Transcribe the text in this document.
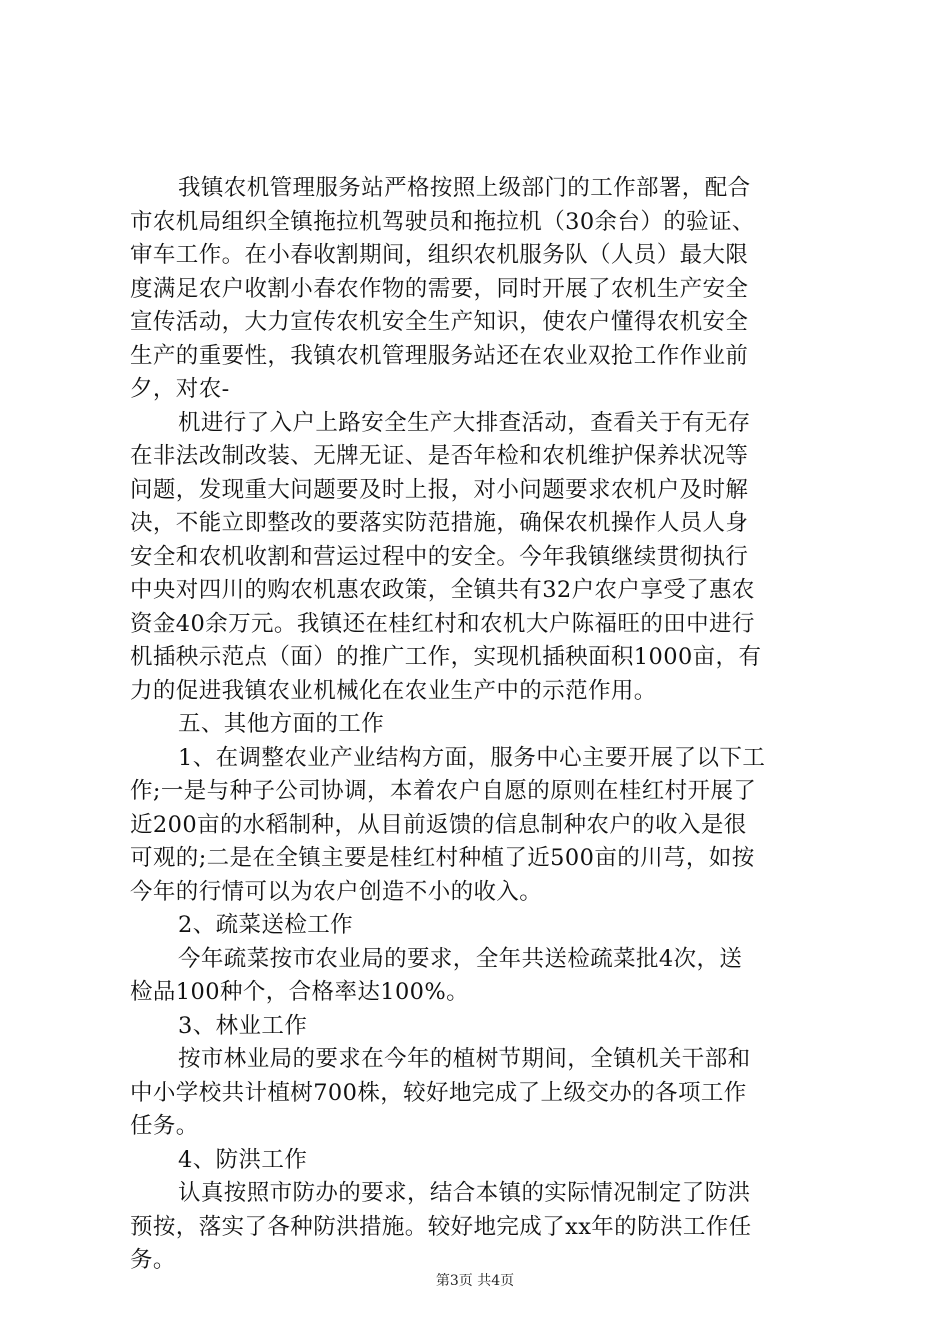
我镇农机管理服务站严格按照上级部门的工作部署，配合
市农机局组织全镇拖拉机驾驶员和拖拉机（30余台）的验证、
审车工作。在小春收割期间，组织农机服务队（人员）最大限
度满足农户收割小春农作物的需要，同时开展了农机生产安全
宣传活动，大力宣传农机安全生产知识，使农户懂得农机安全
生产的重要性，我镇农机管理服务站还在农业双抢工作作业前
夕，对农-
机进行了入户上路安全生产大排查活动，查看关于有无存
在非法改制改装、无牌无证、是否年检和农机维护保养状况等
问题，发现重大问题要及时上报，对小问题要求农机户及时解
决，不能立即整改的要落实防范措施，确保农机操作人员人身
安全和农机收割和营运过程中的安全。今年我镇继续贯彻执行
中央对四川的购农机惠农政策，全镇共有32户农户享受了惠农
资金40余万元。我镇还在桂红村和农机大户陈福旺的田中进行
机插秧示范点（面）的推广工作，实现机插秧面积1000亩，有
力的促进我镇农业机械化在农业生产中的示范作用。
五、其他方面的工作
1、在调整农业产业结构方面，服务中心主要开展了以下工
作;一是与种子公司协调，本着农户自愿的原则在桂红村开展了
近200亩的水稻制种，从目前返馈的信息制种农户的收入是很
可观的;二是在全镇主要是桂红村种植了近500亩的川芎，如按
今年的行情可以为农户创造不小的收入。
2、疏菜送检工作
今年疏菜按市农业局的要求，全年共送检疏菜批4次，送
检品100种个，合格率达100%。
3、林业工作
按市林业局的要求在今年的植树节期间，全镇机关干部和
中小学校共计植树700株，较好地完成了上级交办的各项工作
任务。
4、防洪工作
认真按照市防办的要求，结合本镇的实际情况制定了防洪
预按，落实了各种防洪措施。较好地完成了xx年的防洪工作任
务。
第3页 共4页
